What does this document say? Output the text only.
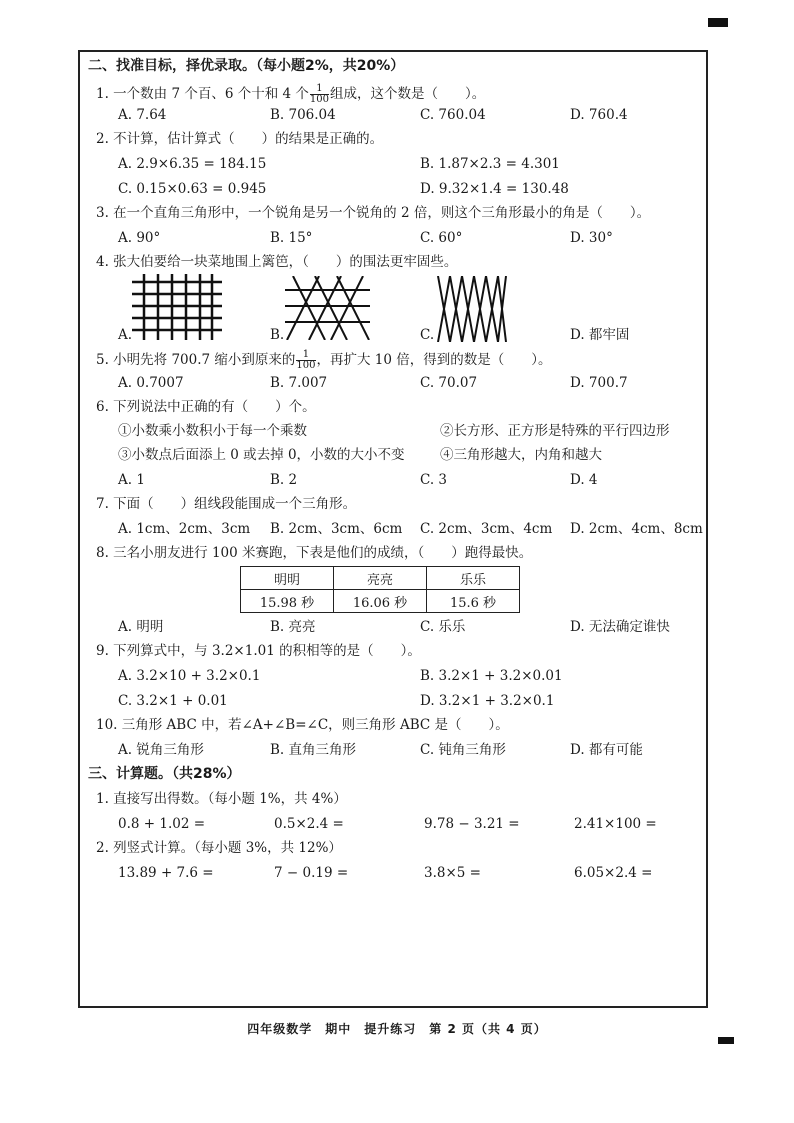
二、找准目标，择优录取。（每小题2%，共20%）
1. 一个数由 7 个百、6 个十和 4 个 $\frac{1}{100}$ 组成，这个数是（　　）。
A. 7.64	B. 706.04	C. 760.04	D. 760.4
2. 不计算，估计算式（　　）的结果是正确的。
A. 2.9×6.35 = 184.15	B. 1.87×2.3 = 4.301
C. 0.15×0.63 = 0.945	D. 9.32×1.4 = 130.48
3. 在一个直角三角形中，一个锐角是另一个锐角的 2 倍，则这个三角形最小的角是（　　）。
A. 90°	B. 15°	C. 60°	D. 30°
4. 张大伯要给一块菜地围上篱笆，（　　）的围法更牢固些。
A.	B.	C.	D. 都牢固
5. 小明先将 700.7 缩小到原来的 $\frac{1}{100}$ ，再扩大 10 倍，得到的数是（　　）。
A. 0.7007	B. 7.007	C. 70.07	D. 700.7
6. 下列说法中正确的有（　　）个。
①小数乘小数积小于每一个乘数	②长方形、正方形是特殊的平行四边形
③小数点后面添上 0 或去掉 0，小数的大小不变	④三角形越大，内角和越大
A. 1	B. 2	C. 3	D. 4
7. 下面（　　）组线段能围成一个三角形。
A. 1cm、2cm、3cm B. 2cm、3cm、6cm C. 2cm、3cm、4cm D. 2cm、4cm、8cm
8. 三名小朋友进行 100 米赛跑，下表是他们的成绩，（　　）跑得最快。
明明	亮亮	乐乐
15.98 秒	16.06 秒	15.6 秒
A. 明明	B. 亮亮	C. 乐乐	D. 无法确定谁快
9. 下列算式中，与 3.2×1.01 的积相等的是（　　）。
A. 3.2×10 + 3.2×0.1	B. 3.2×1 + 3.2×0.01
C. 3.2×1 + 0.01	D. 3.2×1 + 3.2×0.1
10. 三角形 ABC 中，若∠A+∠B=∠C，则三角形 ABC 是（　　）。
A. 锐角三角形	B. 直角三角形	C. 钝角三角形	D. 都有可能
三、计算题。（共28%）
1. 直接写出得数。（每小题 1%，共 4%）
0.8 + 1.02 =	0.5×2.4 =	9.78 − 3.21 =	2.41×100 =
2. 列竖式计算。（每小题 3%，共 12%）
13.89 + 7.6 =	7 − 0.19 =	3.8×5 =	6.05×2.4 =
四年级数学　期中　提升练习　第 2 页（共 4 页）
